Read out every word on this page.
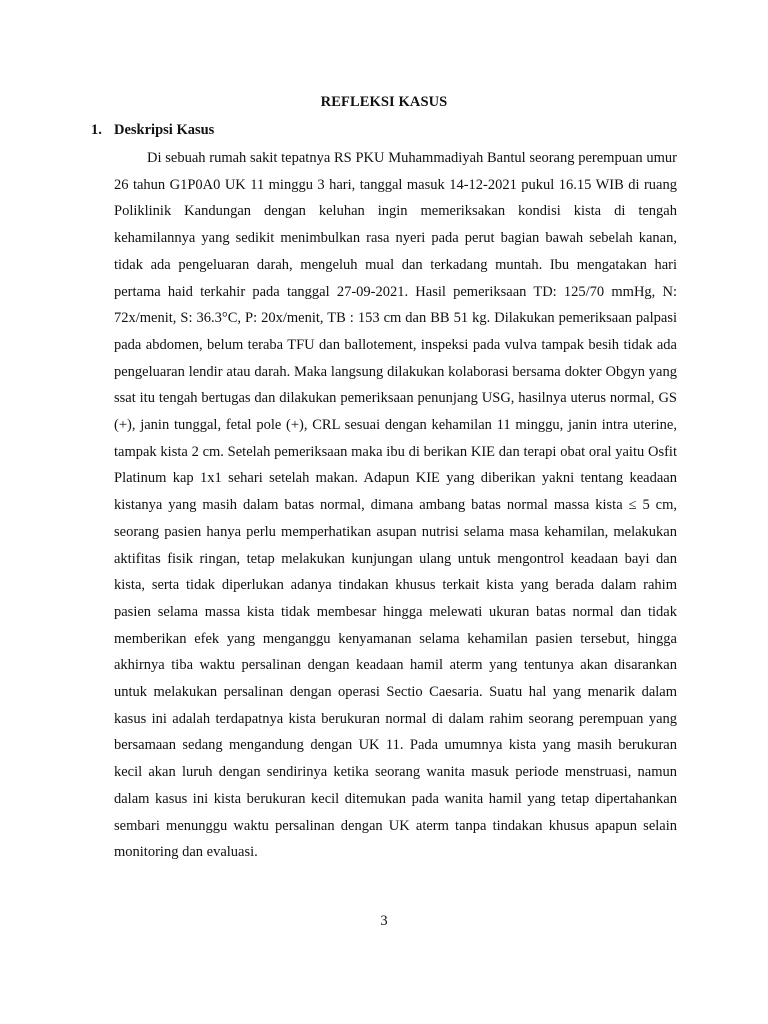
REFLEKSI KASUS
1. Deskripsi Kasus

Di sebuah rumah sakit tepatnya RS PKU Muhammadiyah Bantul seorang perempuan umur 26 tahun G1P0A0 UK 11 minggu 3 hari, tanggal masuk 14-12-2021 pukul 16.15 WIB di ruang Poliklinik Kandungan dengan keluhan ingin memeriksakan kondisi kista di tengah kehamilannya yang sedikit menimbulkan rasa nyeri pada perut bagian bawah sebelah kanan, tidak ada pengeluaran darah, mengeluh mual dan terkadang muntah. Ibu mengatakan hari pertama haid terkahir pada tanggal 27-09-2021. Hasil pemeriksaan TD: 125/70 mmHg, N: 72x/menit, S: 36.3°C, P: 20x/menit, TB : 153 cm dan BB 51 kg. Dilakukan pemeriksaan palpasi pada abdomen, belum teraba TFU dan ballotement, inspeksi pada vulva tampak besih tidak ada pengeluaran lendir atau darah. Maka langsung dilakukan kolaborasi bersama dokter Obgyn yang ssat itu tengah bertugas dan dilakukan pemeriksaan penunjang USG, hasilnya uterus normal, GS (+), janin tunggal, fetal pole (+), CRL sesuai dengan kehamilan 11 minggu, janin intra uterine, tampak kista 2 cm. Setelah pemeriksaan maka ibu di berikan KIE dan terapi obat oral yaitu Osfit Platinum kap 1x1 sehari setelah makan. Adapun KIE yang diberikan yakni tentang keadaan kistanya yang masih dalam batas normal, dimana ambang batas normal massa kista ≤ 5 cm, seorang pasien hanya perlu memperhatikan asupan nutrisi selama masa kehamilan, melakukan aktifitas fisik ringan, tetap melakukan kunjungan ulang untuk mengontrol keadaan bayi dan kista, serta tidak diperlukan adanya tindakan khusus terkait kista yang berada dalam rahim pasien selama massa kista tidak membesar hingga melewati ukuran batas normal dan tidak memberikan efek yang menganggu kenyamanan selama kehamilan pasien tersebut, hingga akhirnya tiba waktu persalinan dengan keadaan hamil aterm yang tentunya akan disarankan untuk melakukan persalinan dengan operasi Sectio Caesaria. Suatu hal yang menarik dalam kasus ini adalah terdapatnya kista berukuran normal di dalam rahim seorang perempuan yang bersamaan sedang mengandung dengan UK 11. Pada umumnya kista yang masih berukuran kecil akan luruh dengan sendirinya ketika seorang wanita masuk periode menstruasi, namun dalam kasus ini kista berukuran kecil ditemukan pada wanita hamil yang tetap dipertahankan sembari menunggu waktu persalinan dengan UK aterm tanpa tindakan khusus apapun selain monitoring dan evaluasi.

3
